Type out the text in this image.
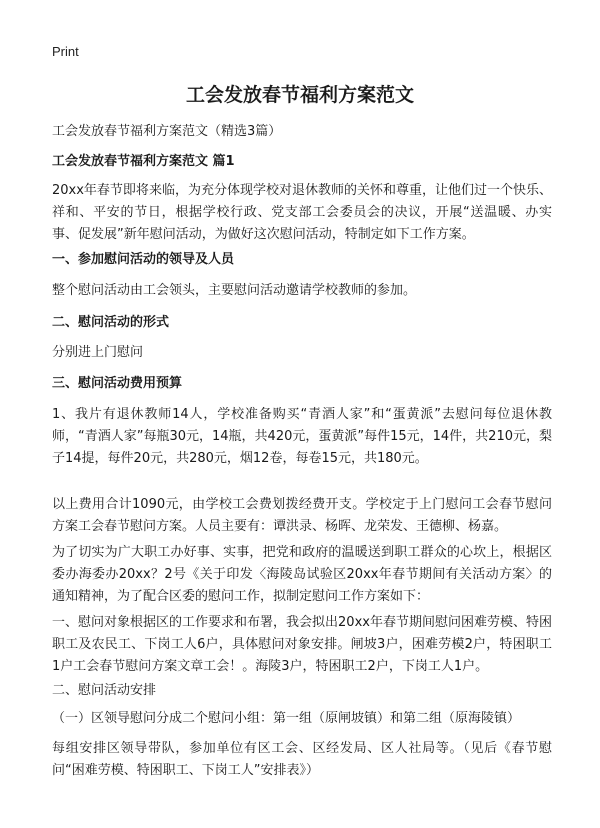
Print
工会发放春节福利方案范文

工会发放春节福利方案范文（精选3篇）

工会发放春节福利方案范文 篇1

20xx年春节即将来临，为充分体现学校对退休教师的关怀和尊重，让他们过一个快乐、祥和、平安的节日，根据学校行政、党支部工会委员会的决议，开展“送温暖、办实事、促发展”新年慰问活动，为做好这次慰问活动，特制定如下工作方案。

一、参加慰问活动的领导及人员

整个慰问活动由工会领头，主要慰问活动邀请学校教师的参加。

二、慰问活动的形式

分别进上门慰问

三、慰问活动费用预算

1、我片有退休教师14人，学校准备购买“青酒人家”和“蛋黄派”去慰问每位退休教师，“青酒人家”每瓶30元，14瓶，共420元，蛋黄派”每件15元，14件，共210元，梨子14提，每件20元，共280元，烟12卷，每卷15元，共180元。

以上费用合计1090元，由学校工会费划拨经费开支。学校定于上门慰问工会春节慰问方案工会春节慰问方案。人员主要有：谭洪录、杨晖、龙荣发、王德柳、杨嘉。

为了切实为广大职工办好事、实事，把党和政府的温暖送到职工群众的心坎上，根据区委办海委办20xx？2号《关于印发〈海陵岛试验区20xx年春节期间有关活动方案〉的通知精神，为了配合区委的慰问工作，拟制定慰问工作方案如下：

一、慰问对象根据区的工作要求和布署，我会拟出20xx年春节期间慰问困难劳模、特困职工及农民工、下岗工人6户，具体慰问对象安排。闸坡3户，困难劳模2户，特困职工1户工会春节慰问方案文章工会！。海陵3户，特困职工2户，下岗工人1户。

二、慰问活动安排

（一）区领导慰问分成二个慰问小组：第一组（原闸坡镇）和第二组（原海陵镇）

每组安排区领导带队，参加单位有区工会、区经发局、区人社局等。（见后《春节慰问“困难劳模、特困职工、下岗工人”安排表》）
